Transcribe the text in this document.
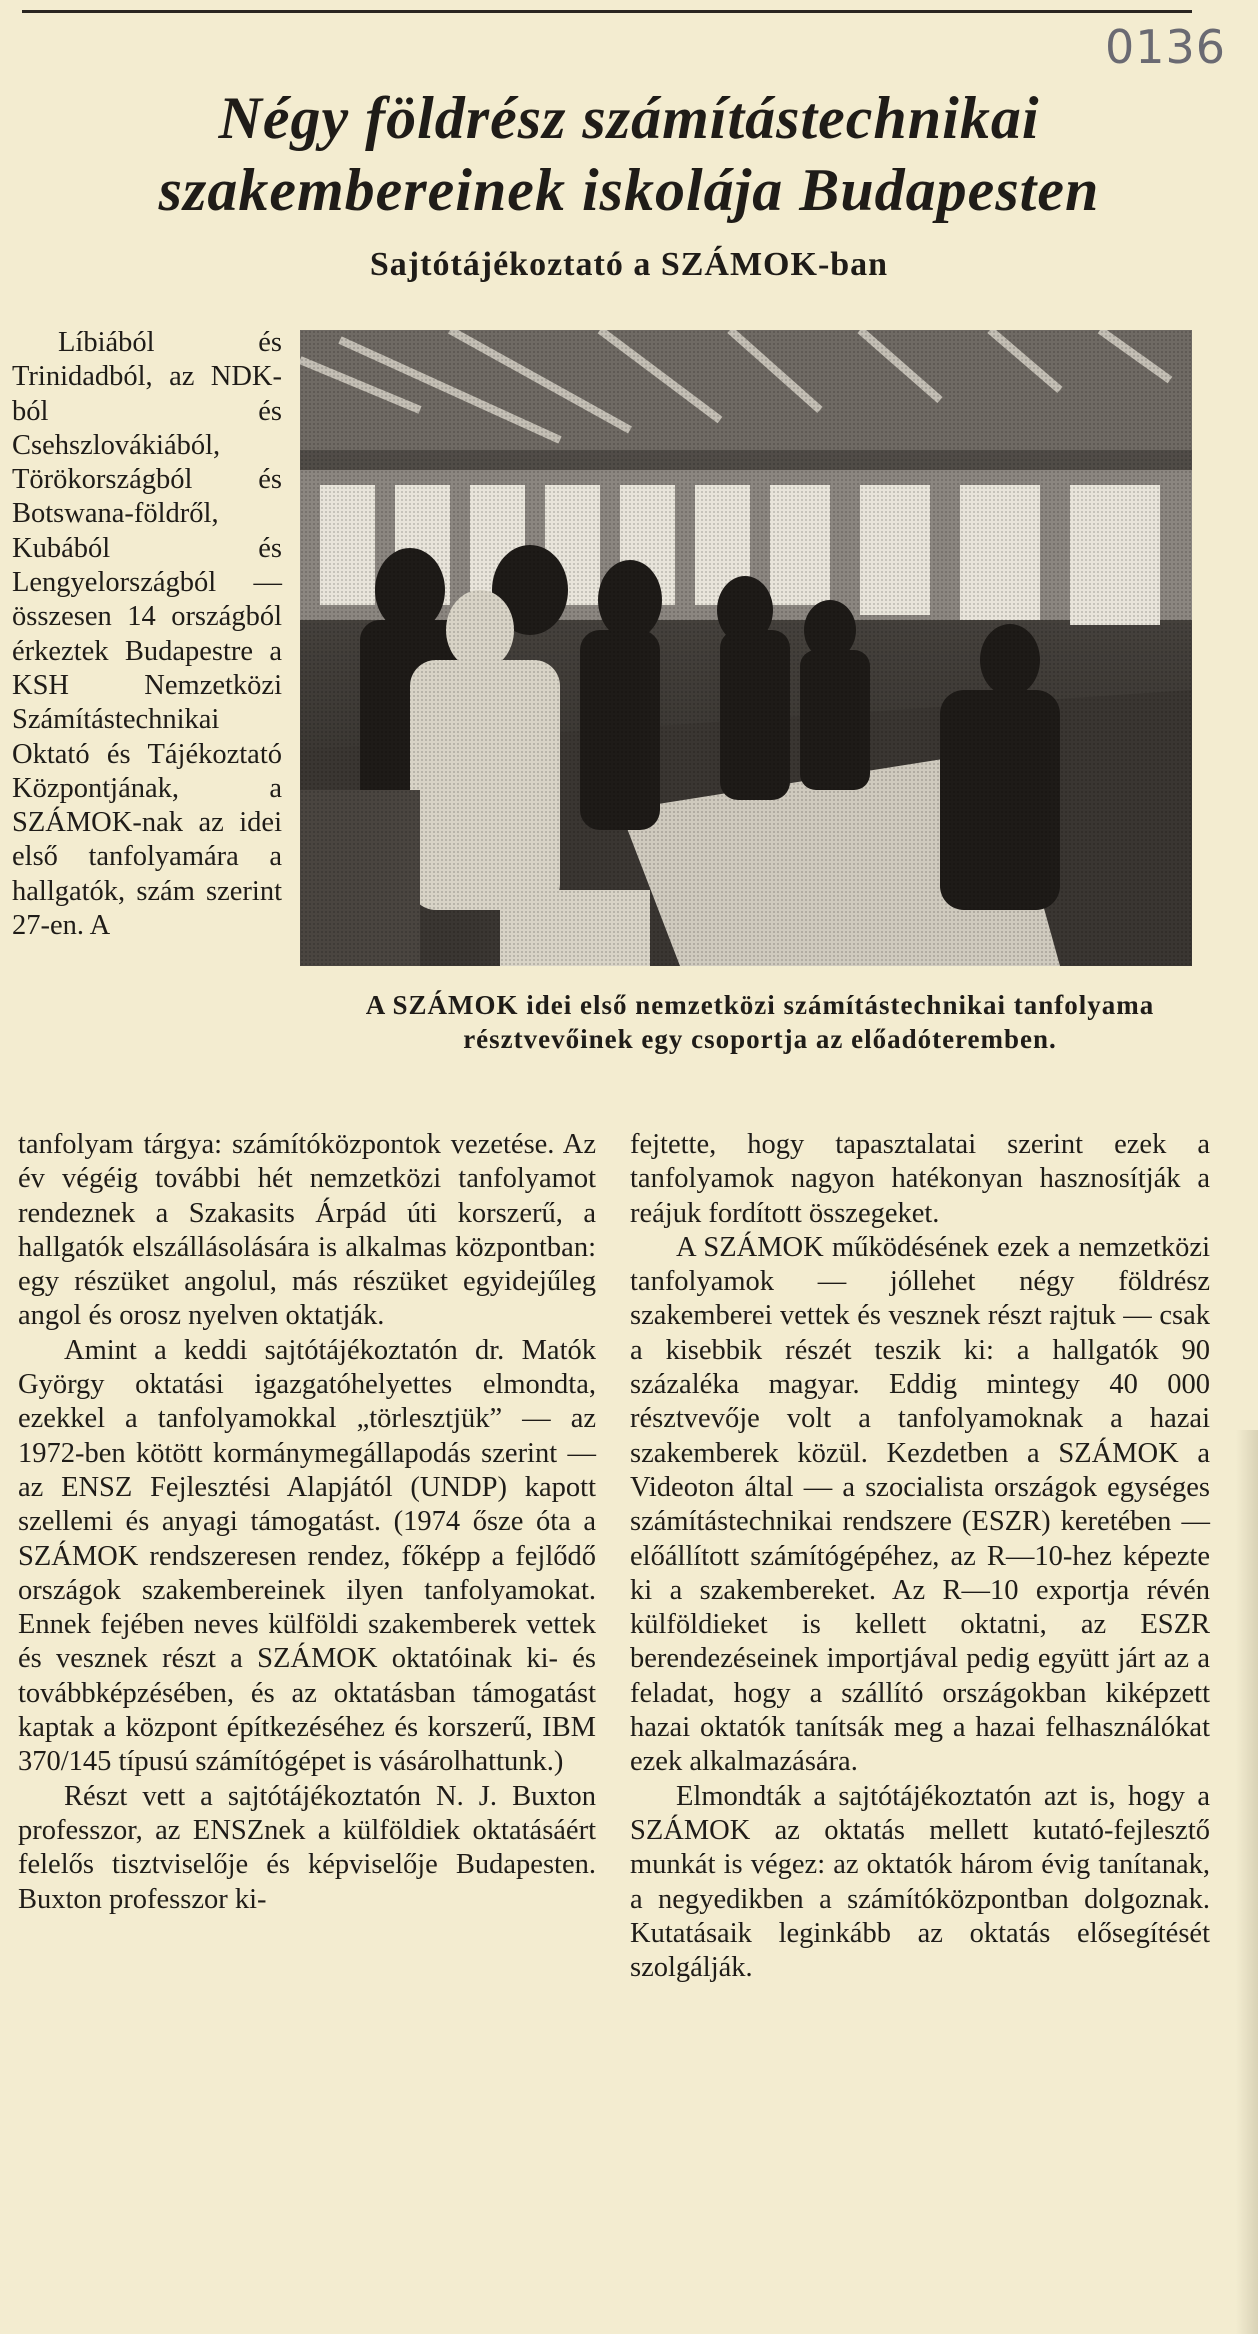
0136
Négy földrész számítástechnikai
szakembereinek iskolája Budapesten
Sajtótájékoztató a SZÁMOK-ban
A SZÁMOK idei első nemzetközi számítástechnikai tanfolyama résztvevőinek egy csoportja az előadóteremben.

Líbiából és Trinidadból, az NDK-ból és Csehszlovákiából, Törökországból és Botswana-földről, Kubából és Lengyelországból — összesen 14 országból érkeztek Budapestre a KSH Nemzetközi Számítástechnikai Oktató és Tájékoztató Központjának, a SZÁMOK-nak az idei első tanfolyamára a hallgatók, szám szerint 27-en. A

tanfolyam tárgya: számítóközpontok vezetése. Az év végéig további hét nemzetközi tanfolyamot rendeznek a Szakasits Árpád úti korszerű, a hallgatók elszállásolására is alkalmas központban: egy részüket angolul, más részüket egyidejűleg angol és orosz nyelven oktatják.

Amint a keddi sajtótájékoztatón dr. Matók György oktatási igazgatóhelyettes elmondta, ezekkel a tanfolyamokkal „törlesztjük” — az 1972-ben kötött kormánymegállapodás szerint — az ENSZ Fejlesztési Alapjától (UNDP) kapott szellemi és anyagi támogatást. (1974 ősze óta a SZÁMOK rendszeresen rendez, főképp a fejlődő országok szakembereinek ilyen tanfolyamokat. Ennek fejében neves külföldi szakemberek vettek és vesznek részt a SZÁMOK oktatóinak ki- és továbbképzésében, és az oktatásban támogatást kaptak a központ építkezéséhez és korszerű, IBM 370/145 típusú számítógépet is vásárolhattunk.)

Részt vett a sajtótájékoztatón N. J. Buxton professzor, az ENSZnek a külföldiek oktatásáért felelős tisztviselője és képviselője Budapesten. Buxton professzor ki-

fejtette, hogy tapasztalatai szerint ezek a tanfolyamok nagyon hatékonyan hasznosítják a reájuk fordított összegeket.

A SZÁMOK működésének ezek a nemzetközi tanfolyamok — jóllehet négy földrész szakemberei vettek és vesznek részt rajtuk — csak a kisebbik részét teszik ki: a hallgatók 90 százaléka magyar. Eddig mintegy 40 000 résztvevője volt a tanfolyamoknak a hazai szakemberek közül. Kezdetben a SZÁMOK a Videoton által — a szocialista országok egységes számítástechnikai rendszere (ESZR) keretében — előállított számítógépéhez, az R—10-hez képezte ki a szakembereket. Az R—10 exportja révén külföldieket is kellett oktatni, az ESZR berendezéseinek importjával pedig együtt járt az a feladat, hogy a szállító országokban kiképzett hazai oktatók tanítsák meg a hazai felhasználókat ezek alkalmazására.

Elmondták a sajtótájékoztatón azt is, hogy a SZÁMOK az oktatás mellett kutató-fejlesztő munkát is végez: az oktatók három évig tanítanak, a negyedikben a számítóközpontban dolgoznak. Kutatásaik leginkább az oktatás elősegítését szolgálják.
